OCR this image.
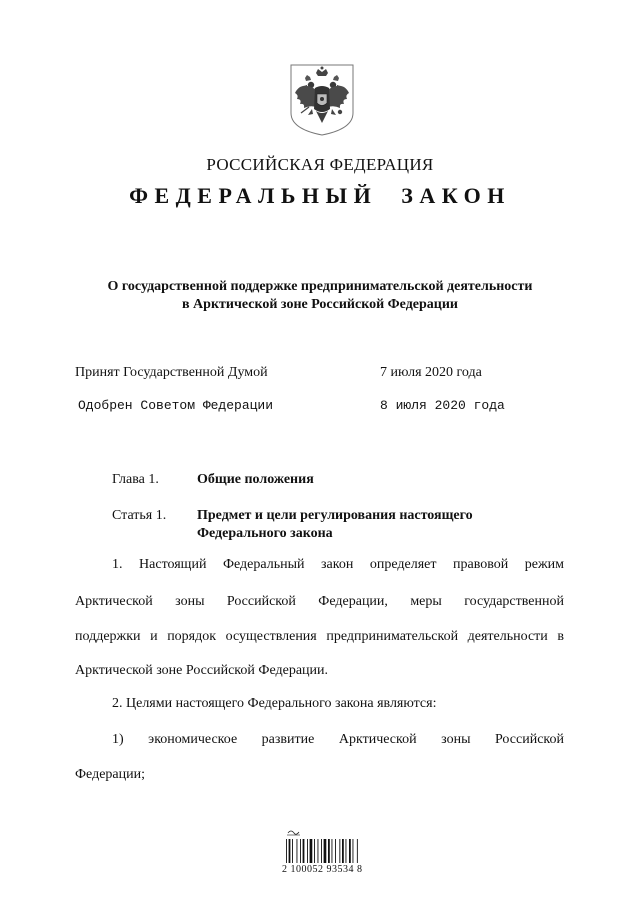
РОССИЙСКАЯ ФЕДЕРАЦИЯ
ФЕДЕРАЛЬНЫЙ ЗАКОН
О государственной поддержке предпринимательской деятельности
в Арктической зоне Российской Федерации
Принят Государственной Думой	7 июля 2020 года
Одобрен Советом Федерации	8 июля 2020 года
Глава 1.	Общие положения
Статья 1. Предмет и цели регулирования настоящего
Федерального закона
1. Настоящий Федеральный закон определяет правовой режим
Арктической зоны Российской Федерации, меры государственной
поддержки и порядок осуществления предпринимательской деятельности в
Арктической зоне Российской Федерации.
2. Целями настоящего Федерального закона являются:
1) экономическое развитие Арктической зоны Российской
Федерации;
2 100052 93534 8
